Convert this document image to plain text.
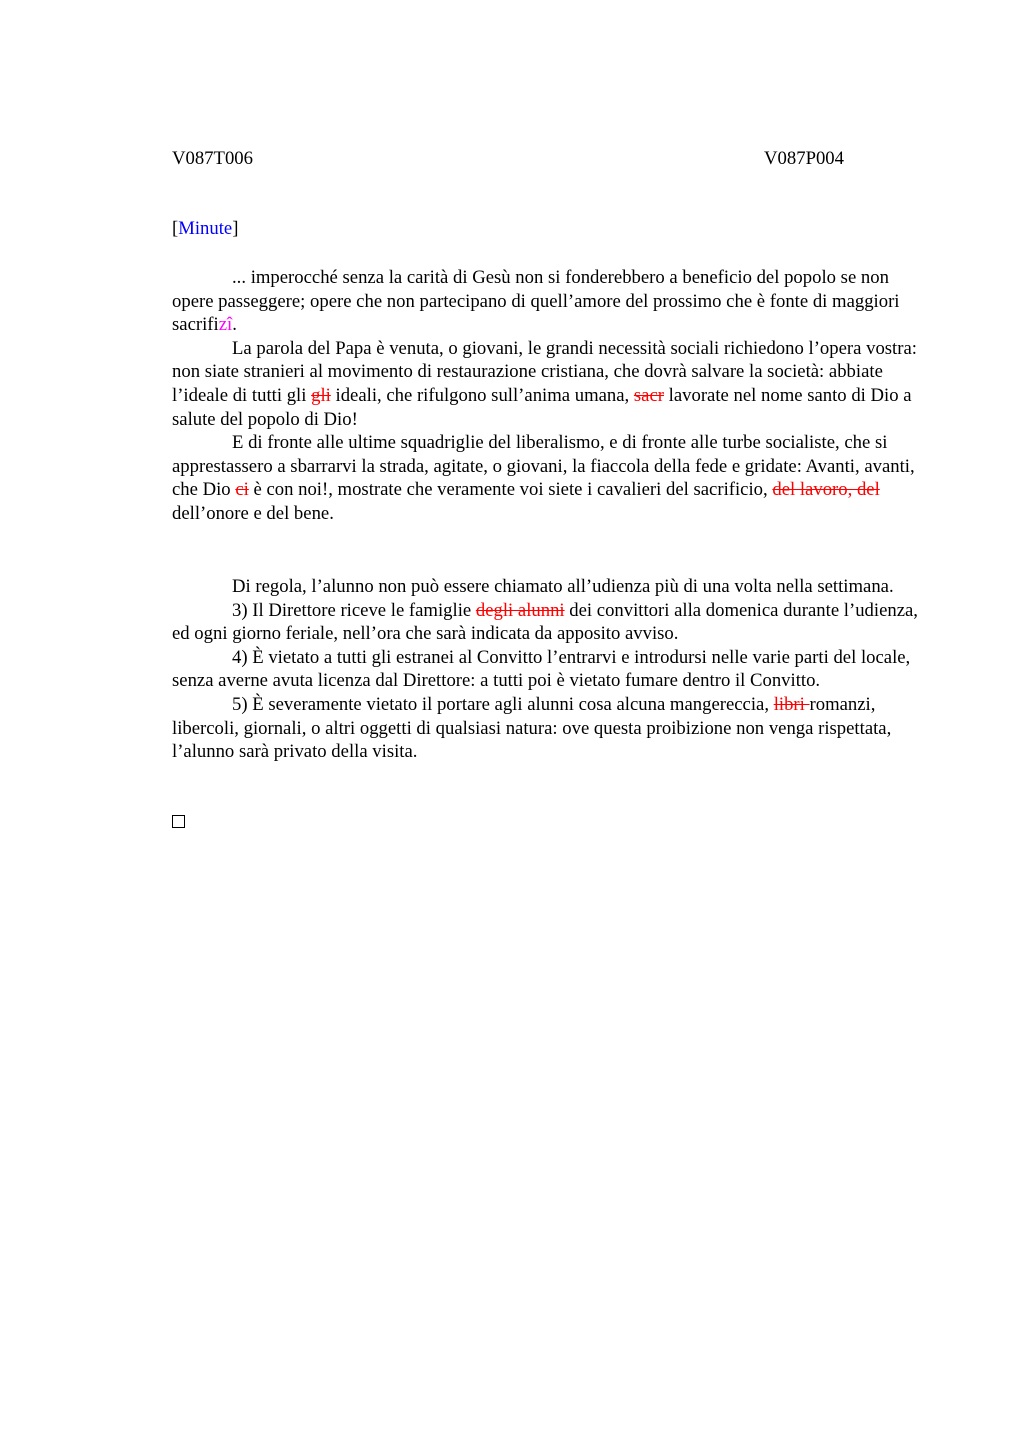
V087T006	V087P004
[Minute]

... imperocché senza la carità di Gesù non si fonderebbero a beneficio del popolo se non opere passeggere; opere che non partecipano di quell’amore del prossimo che è fonte di maggiori sacrifizî.

La parola del Papa è venuta, o giovani, le grandi necessità sociali richiedono l’opera vostra: non siate stranieri al movimento di restaurazione cristiana, che dovrà salvare la società: abbiate l’ideale di tutti gli gli ideali, che rifulgono sull’anima umana, sacr lavorate nel nome santo di Dio a salute del popolo di Dio!

E di fronte alle ultime squadriglie del liberalismo, e di fronte alle turbe socialiste, che si apprestassero a sbarrarvi la strada, agitate, o giovani, la fiaccola della fede e gridate: Avanti, avanti, che Dio ci è con noi!, mostrate che veramente voi siete i cavalieri del sacrificio, del lavoro, del dell’onore e del bene.

Di regola, l’alunno non può essere chiamato all’udienza più di una volta nella settimana.

3) Il Direttore riceve le famiglie degli alunni dei convittori alla domenica durante l’udienza, ed ogni giorno feriale, nell’ora che sarà indicata da apposito avviso.

4) È vietato a tutti gli estranei al Convitto l’entrarvi e introdursi nelle varie parti del locale, senza averne avuta licenza dal Direttore: a tutti poi è vietato fumare dentro il Convitto.

5) È severamente vietato il portare agli alunni cosa alcuna mangereccia, libri romanzi, libercoli, giornali, o altri oggetti di qualsiasi natura: ove questa proibizione non venga rispettata, l’alunno sarà privato della visita.
